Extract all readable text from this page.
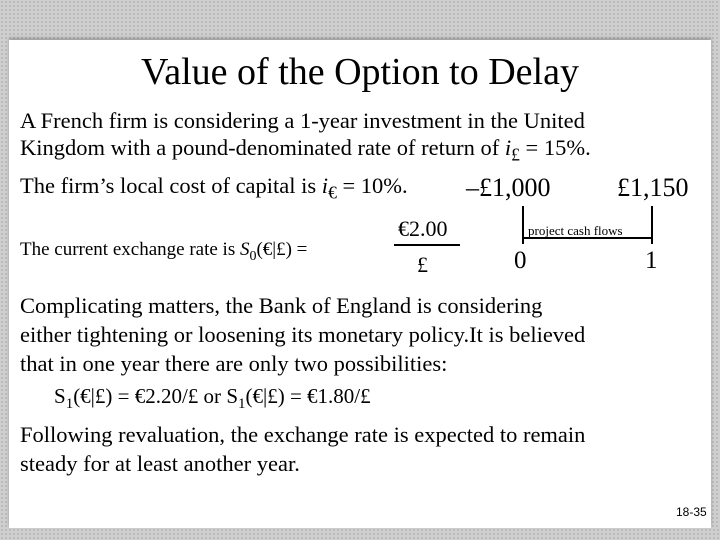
Value of the Option to Delay
A French firm is considering a 1-year investment in the United
Kingdom with a pound-denominated rate of return of $i_£ = 15\%$.
The firm’s local cost of capital is $i_€ = 10\%$.
The current exchange rate is $S_0(€|£)$ =
€2.00
£
–£1,000	£1,150
project cash flows
0	1
Complicating matters, the Bank of England is considering
either tightening or loosening its monetary policy.It is believed
that in one year there are only two possibilities:
$S_1(€|£)$ = €2.20/£ or $S_1(€|£)$ = €1.80/£
Following revaluation, the exchange rate is expected to remain
steady for at least another year.
18-35
